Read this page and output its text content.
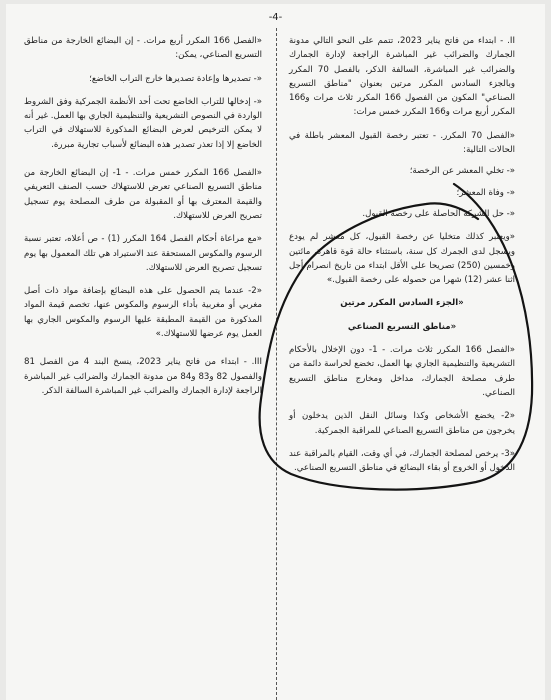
-4-

II. - ابتداء من فاتح يناير 2023، تتمم على النحو التالي مدونة الجمارك والضرائب غير المباشرة الراجعة لإدارة الجمارك والضرائب غير المباشرة، السالفة الذكر، بالفصل 70 المكرر وبالجزء السادس المكرر مرتين بعنوان "مناطق التسريع الصناعي" المكون من الفصول 166 المكرر ثلاث مرات و166 المكرر أربع مرات و166 المكرر خمس مرات:

«الفصل 70 المكرر. - تعتبر رخصة القبول المعشر باطلة في الحالات التالية:

«- تخلي المعشر عن الرخصة؛

«- وفاة المعشر؛

«- حل الشركة الحاصلة على رخصة القبول.

«ويعتبر كذلك متخليا عن رخصة القبول، كل معشر لم يودع ويسجل لدى الجمرك كل سنة، باستثناء حالة قوة قاهرة، مائتين وخمسين (250) تصريحا على الأقل ابتداء من تاريخ انصرام أجل اثنا عشر (12) شهرا من حصوله على رخصة القبول.»

«الجزء السادس المكرر مرتين

«مناطق التسريع الصناعي

«الفصل 166 المكرر ثلاث مرات. - 1- دون الإخلال بالأحكام التشريعية والتنظيمية الجاري بها العمل، تخضع لحراسة دائمة من طرف مصلحة الجمارك، مداخل ومخارج مناطق التسريع الصناعي.

«2- يخضع الأشخاص وكذا وسائل النقل الذين يدخلون أو يخرجون من مناطق التسريع الصناعي للمراقبة الجمركية.

«3- يرخص لمصلحة الجمارك، في أي وقت، القيام بالمراقبة عند الدخول أو الخروج أو بقاء البضائع في مناطق التسريع الصناعي.

«الفصل 166 المكرر أربع مرات. - إن البضائع الخارجة من مناطق التسريع الصناعي، يمكن:

«- تصديرها وإعادة تصديرها خارج التراب الخاضع؛

«- إدخالها للتراب الخاضع تحت أحد الأنظمة الجمركية وفق الشروط الواردة في النصوص التشريعية والتنظيمية الجاري بها العمل. غير أنه لا يمكن الترخيص لعرض البضائع المذكورة للاستهلاك في التراب الخاضع إلا إذا تعذر تصدير هذه البضائع لأسباب تجارية مبررة.

«الفصل 166 المكرر خمس مرات. - 1- إن البضائع الخارجة من مناطق التسريع الصناعي تعرض للاستهلاك حسب الصنف التعريفي والقيمة المعترف بها أو المقبولة من طرف المصلحة يوم تسجيل تصريح العرض للاستهلاك.

«مع مراعاة أحكام الفصل 164 المكرر (1) - ص أعلاه، تعتبر نسبة الرسوم والمكوس المستحقة عند الاستيراد هي تلك المعمول بها يوم تسجيل تصريح العرض للاستهلاك.

«2- عندما يتم الحصول على هذه البضائع بإضافة مواد ذات أصل مغربي أو مغربية بأداء الرسوم والمكوس عنها، تخصم قيمة المواد المذكورة من القيمة المطبقة عليها الرسوم والمكوس الجاري بها العمل يوم عرضها للاستهلاك.»

III. - ابتداء من فاتح يناير 2023، ينسخ البند 4 من الفصل 81 والفصول 82 و83 و84 من مدونة الجمارك والضرائب غير المباشرة الراجعة لإدارة الجمارك والضرائب غير المباشرة السالفة الذكر.
